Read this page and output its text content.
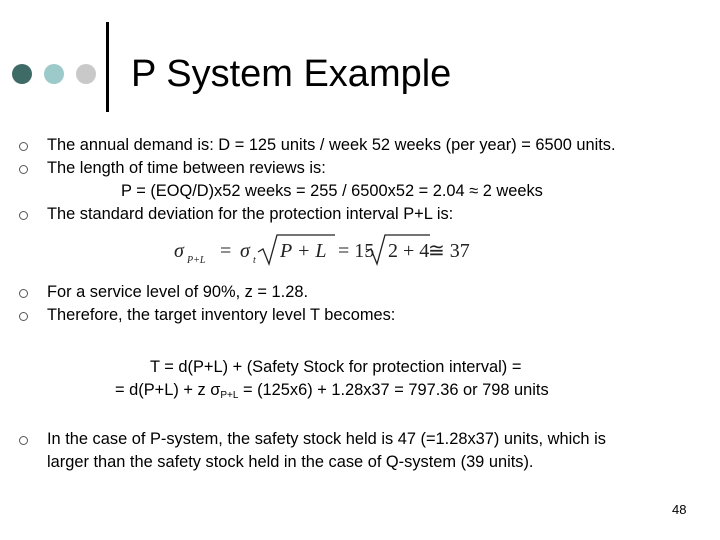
P System Example
The annual demand is: D = 125 units / week 52 weeks (per year) = 6500 units.
The length of time between reviews is:
P = (EOQ/D)x52 weeks = 255 / 6500x52 = 2.04 ≈ 2 weeks
The standard deviation for the protection interval P+L is:
σ P+L = σ t P + L = 15 2 + 4
≅ 37
For a service level of 90%, z = 1.28.
Therefore, the target inventory level T becomes:
T = d(P+L) + (Safety Stock for protection interval) =
= d(P+L) + z $\sigma_{P+L} = (125x6) + 1.28x37 = 797.36$ or 798 units
In the case of P-system, the safety stock held is 47 (=1.28x37) units, which is
larger than the safety stock held in the case of Q-system (39 units).
48
